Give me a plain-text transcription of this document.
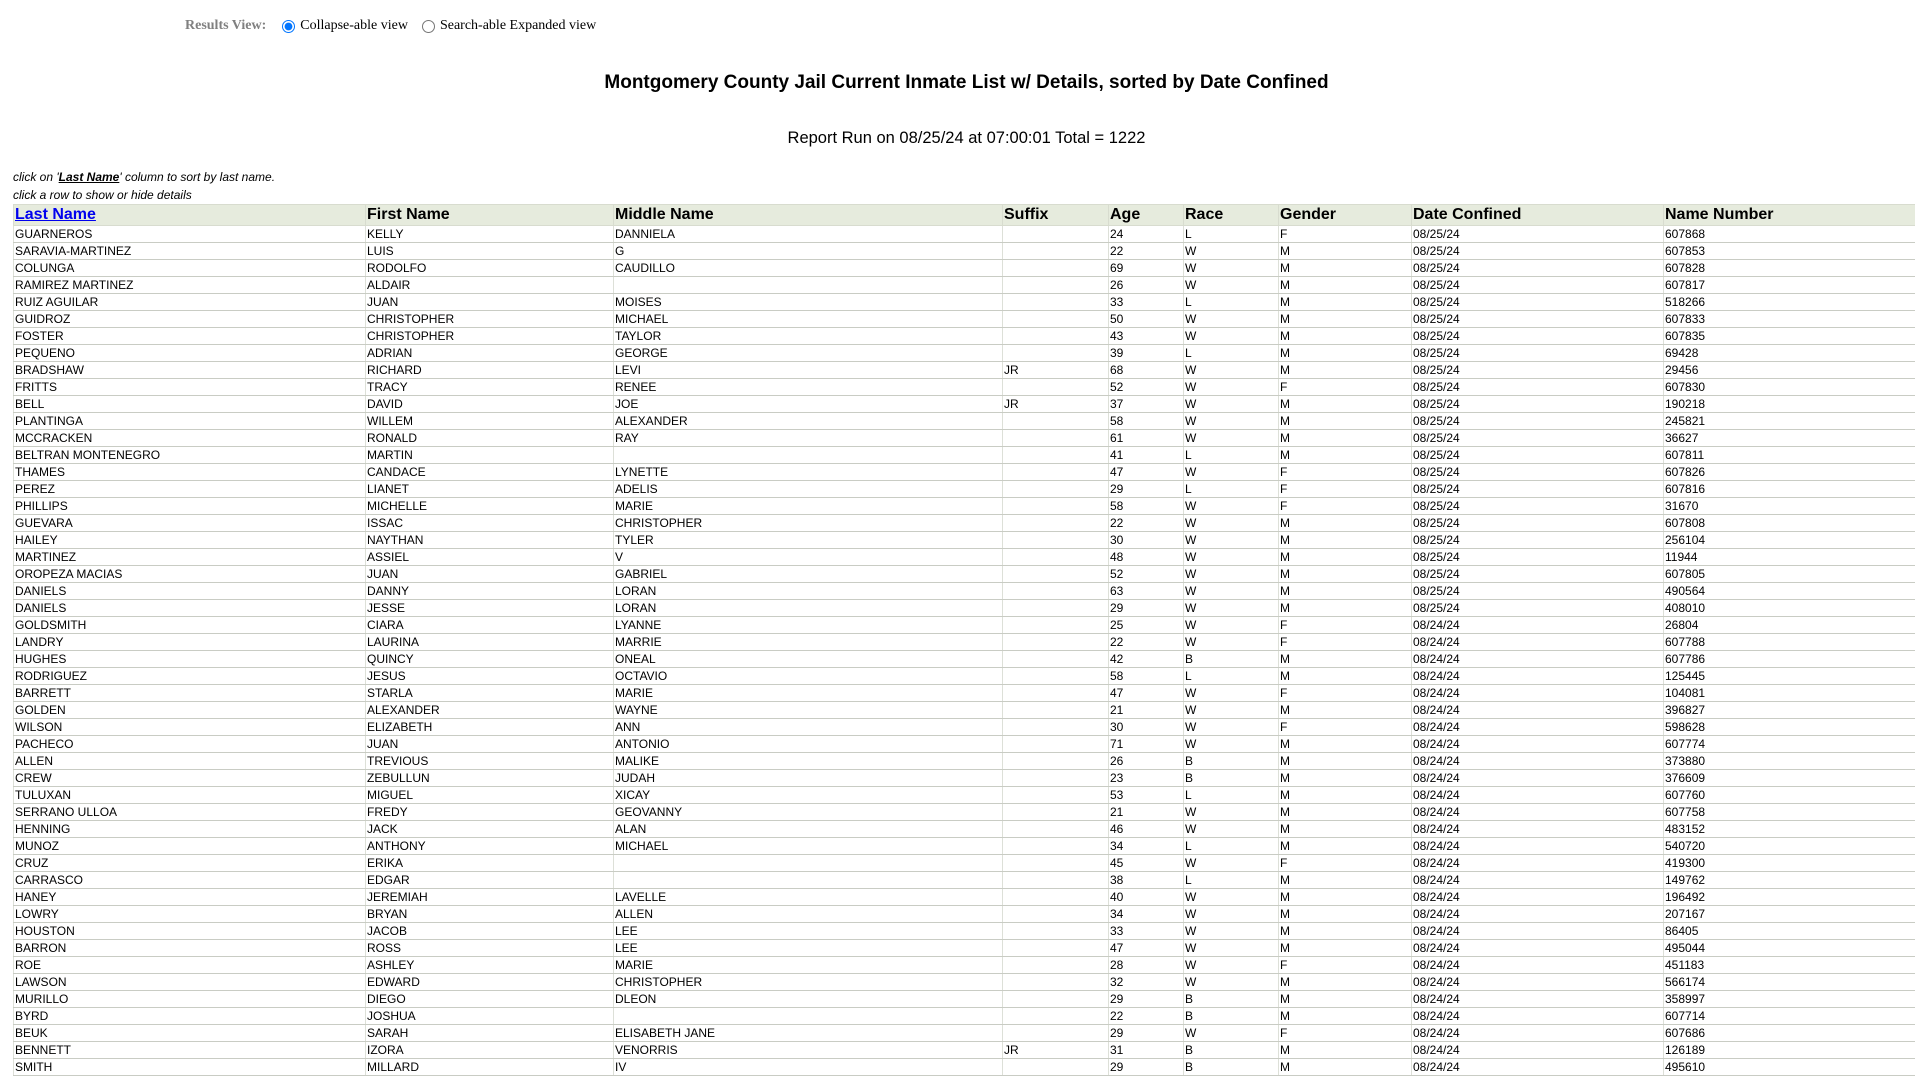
Results View: Collapse-able view Search-able Expanded view
Montgomery County Jail Current Inmate List w/ Details, sorted by Date Confined
Report Run on 08/25/24 at 07:00:01 Total = 1222
click on 'Last Name' column to sort by last name.
click a row to show or hide details
Last Name	First Name	Middle Name	Suffix	Age	Race	Gender	Date Confined	Name Number
GUARNEROS	KELLY	DANNIELA		24	L	F	08/25/24	607868
SARAVIA-MARTINEZ	LUIS	G		22	W	M	08/25/24	607853
COLUNGA	RODOLFO	CAUDILLO		69	W	M	08/25/24	607828
RAMIREZ MARTINEZ	ALDAIR			26	W	M	08/25/24	607817
RUIZ AGUILAR	JUAN	MOISES		33	L	M	08/25/24	518266
GUIDROZ	CHRISTOPHER	MICHAEL		50	W	M	08/25/24	607833
FOSTER	CHRISTOPHER	TAYLOR		43	W	M	08/25/24	607835
PEQUENO	ADRIAN	GEORGE		39	L	M	08/25/24	69428
BRADSHAW	RICHARD	LEVI	JR	68	W	M	08/25/24	29456
FRITTS	TRACY	RENEE		52	W	F	08/25/24	607830
BELL	DAVID	JOE	JR	37	W	M	08/25/24	190218
PLANTINGA	WILLEM	ALEXANDER		58	W	M	08/25/24	245821
MCCRACKEN	RONALD	RAY		61	W	M	08/25/24	36627
BELTRAN MONTENEGRO	MARTIN			41	L	M	08/25/24	607811
THAMES	CANDACE	LYNETTE		47	W	F	08/25/24	607826
PEREZ	LIANET	ADELIS		29	L	F	08/25/24	607816
PHILLIPS	MICHELLE	MARIE		58	W	F	08/25/24	31670
GUEVARA	ISSAC	CHRISTOPHER		22	W	M	08/25/24	607808
HAILEY	NAYTHAN	TYLER		30	W	M	08/25/24	256104
MARTINEZ	ASSIEL	V		48	W	M	08/25/24	11944
OROPEZA MACIAS	JUAN	GABRIEL		52	W	M	08/25/24	607805
DANIELS	DANNY	LORAN		63	W	M	08/25/24	490564
DANIELS	JESSE	LORAN		29	W	M	08/25/24	408010
GOLDSMITH	CIARA	LYANNE		25	W	F	08/24/24	26804
LANDRY	LAURINA	MARRIE		22	W	F	08/24/24	607788
HUGHES	QUINCY	ONEAL		42	B	M	08/24/24	607786
RODRIGUEZ	JESUS	OCTAVIO		58	L	M	08/24/24	125445
BARRETT	STARLA	MARIE		47	W	F	08/24/24	104081
GOLDEN	ALEXANDER	WAYNE		21	W	M	08/24/24	396827
WILSON	ELIZABETH	ANN		30	W	F	08/24/24	598628
PACHECO	JUAN	ANTONIO		71	W	M	08/24/24	607774
ALLEN	TREVIOUS	MALIKE		26	B	M	08/24/24	373880
CREW	ZEBULLUN	JUDAH		23	B	M	08/24/24	376609
TULUXAN	MIGUEL	XICAY		53	L	M	08/24/24	607760
SERRANO ULLOA	FREDY	GEOVANNY		21	W	M	08/24/24	607758
HENNING	JACK	ALAN		46	W	M	08/24/24	483152
MUNOZ	ANTHONY	MICHAEL		34	L	M	08/24/24	540720
CRUZ	ERIKA			45	W	F	08/24/24	419300
CARRASCO	EDGAR			38	L	M	08/24/24	149762
HANEY	JEREMIAH	LAVELLE		40	W	M	08/24/24	196492
LOWRY	BRYAN	ALLEN		34	W	M	08/24/24	207167
HOUSTON	JACOB	LEE		33	W	M	08/24/24	86405
BARRON	ROSS	LEE		47	W	M	08/24/24	495044
ROE	ASHLEY	MARIE		28	W	F	08/24/24	451183
LAWSON	EDWARD	CHRISTOPHER		32	W	M	08/24/24	566174
MURILLO	DIEGO	DLEON		29	B	M	08/24/24	358997
BYRD	JOSHUA			22	B	M	08/24/24	607714
BEUK	SARAH	ELISABETH JANE		29	W	F	08/24/24	607686
BENNETT	IZORA	VENORRIS	JR	31	B	M	08/24/24	126189
SMITH	MILLARD	IV		29	B	M	08/24/24	495610
